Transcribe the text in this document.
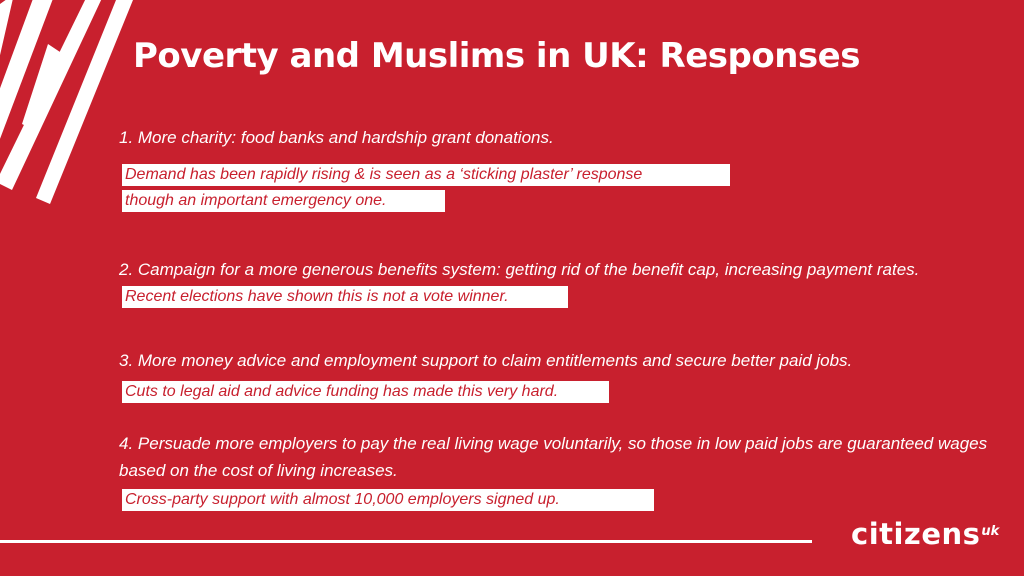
Poverty and Muslims in UK: Responses

1. More charity: food banks and hardship grant donations.

Demand has been rapidly rising & is seen as a ‘sticking plaster’ response
though an important emergency one.

2. Campaign for a more generous benefits system: getting rid of the benefit cap, increasing payment rates.

Recent elections have shown this is not a vote winner.

3. More money advice and employment support to claim entitlements and secure better paid jobs.

Cuts to legal aid and advice funding has made this very hard.

4. Persuade more employers to pay the real living wage voluntarily, so those in low paid jobs are guaranteed wages based on the cost of living increases.

Cross-party support with almost 10,000 employers signed up.
citizens$^{uk}$
